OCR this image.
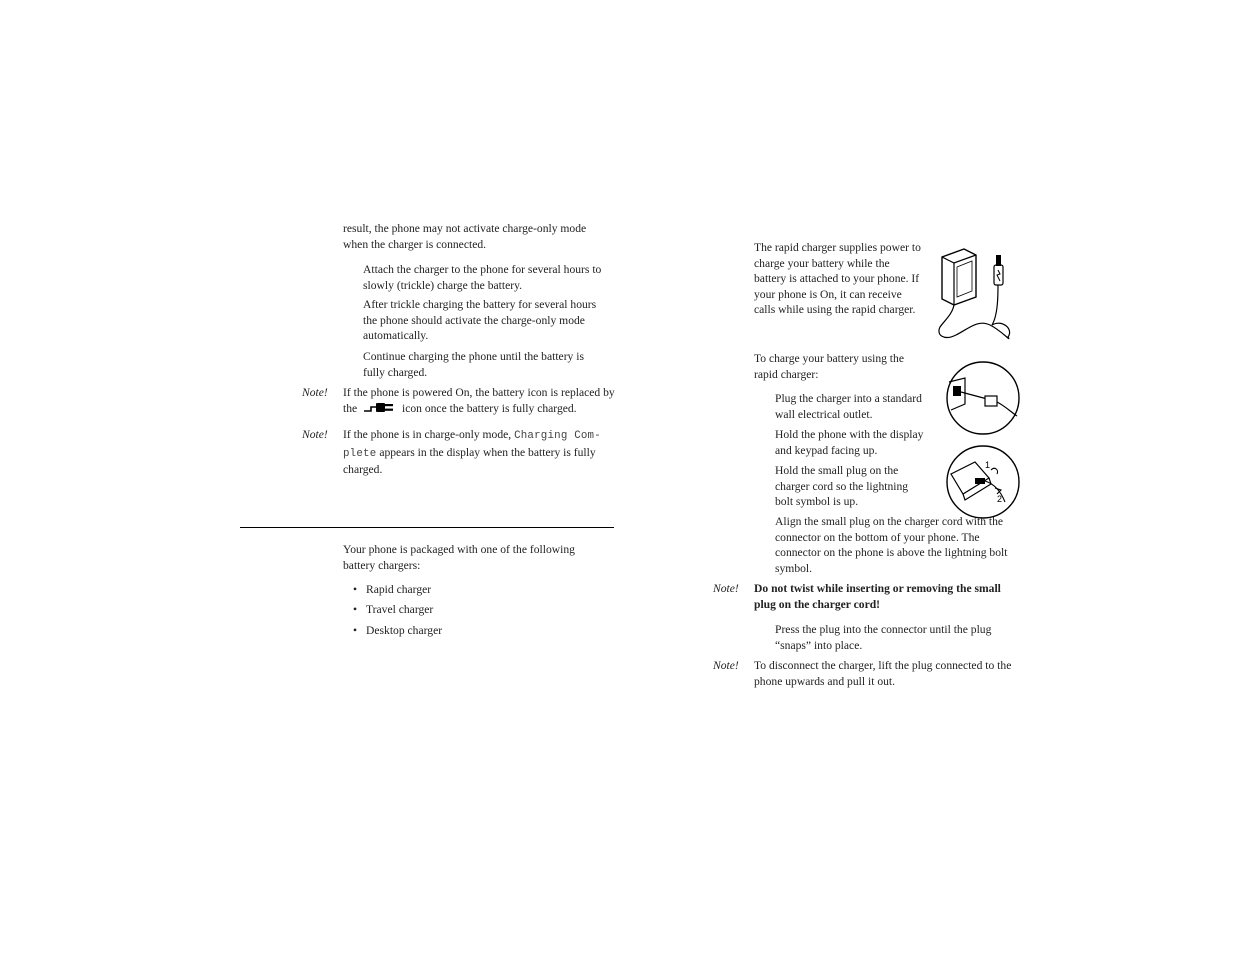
result, the phone may not activate charge-only mode when the charger is connected.

Attach the charger to the phone for several hours to slowly (trickle) charge the battery.

After trickle charging the battery for several hours the phone should activate the charge-only mode automatically.

Continue charging the phone until the battery is fully charged.

Note! If the phone is powered On, the battery icon is replaced by the	icon once the battery is fully charged.

Note! If the phone is in charge-only mode, Charging Com-plete appears in the display when the battery is fully charged.

Your phone is packaged with one of the following battery chargers:

• Rapid charger
• Travel charger
• Desktop charger

The rapid charger supplies power to charge your battery while the battery is attached to your phone. If your phone is On, it can receive calls while using the rapid charger.

To charge your battery using the rapid charger:

Plug the charger into a standard wall electrical outlet.

Hold the phone with the display and keypad facing up.

1
2

Hold the small plug on the charger cord so the lightning bolt symbol is up.

Align the small plug on the charger cord with the connector on the bottom of your phone. The connector on the phone is above the lightning bolt symbol.

Note! Do not twist while inserting or removing the small plug on the charger cord!

Press the plug into the connector until the plug “snaps” into place.

Note! To disconnect the charger, lift the plug connected to the phone upwards and pull it out.
